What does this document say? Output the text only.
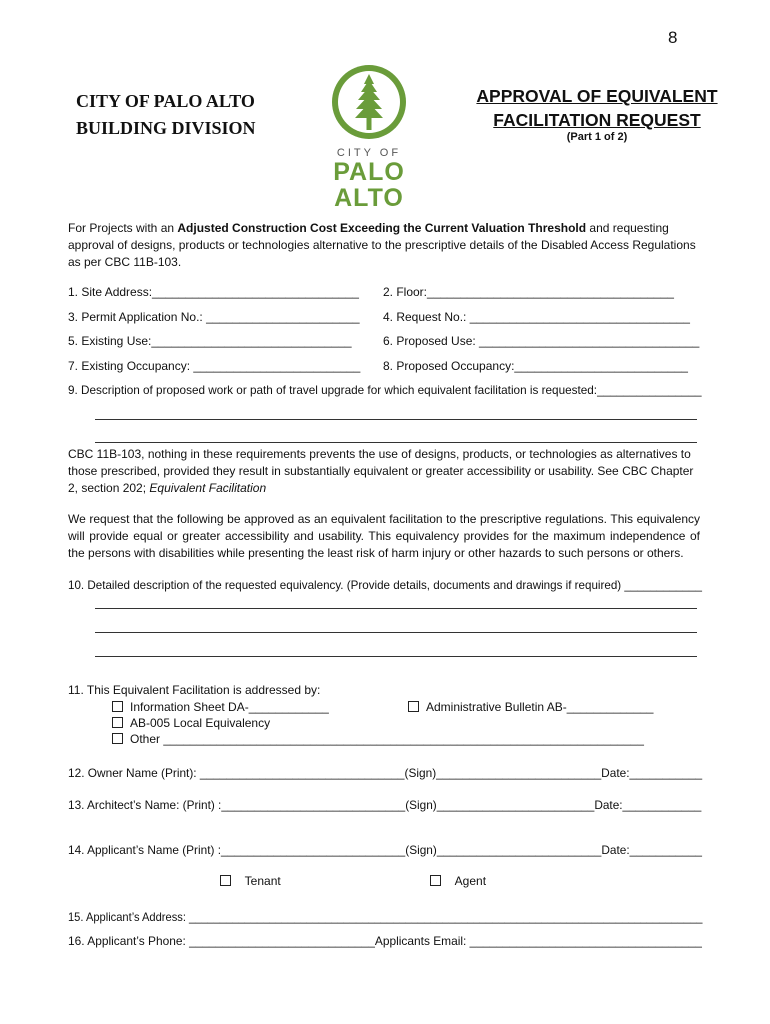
8
CITY OF PALO ALTO
BUILDING DIVISION
CITY OF
PALO
ALTO
APPROVAL OF EQUIVALENT
FACILITATION REQUEST
(Part 1 of 2)
For Projects with an Adjusted Construction Cost Exceeding the Current Valuation Threshold and requesting approval of designs, products or technologies alternative to the prescriptive details of the Disabled Access Regulations as per CBC 11B-103.
1. Site Address:_______________________________ 2. Floor:_____________________________________
3. Permit Application No.: _______________________ 4. Request No.: _________________________________
5. Existing Use:______________________________	6. Proposed Use: _________________________________
7. Existing Occupancy: _________________________ 8. Proposed Occupancy:__________________________
9. Description of proposed work or path of travel upgrade for which equivalent facilitation is requested:________________
CBC 11B-103, nothing in these requirements prevents the use of designs, products, or technologies as alternatives to those prescribed, provided they result in substantially equivalent or greater accessibility or usability. See CBC Chapter 2, section 202; Equivalent Facilitation
We request that the following be approved as an equivalent facilitation to the prescriptive regulations. This equivalency will provide equal or greater accessibility and usability. This equivalency provides for the maximum independence of the persons with disabilities while presenting the least risk of harm injury or other hazards to such persons or others.
10. Detailed description of the requested equivalency. (Provide details, documents and drawings if required) ____________
11. This Equivalent Facilitation is addressed by:
Information Sheet DA-____________	Administrative Bulletin AB-_____________
AB-005 Local Equivalency
Other ________________________________________________________________________
12. Owner Name (Print): _______________________________(Sign)_________________________Date:___________
13. Architect’s Name: (Print) :____________________________(Sign)________________________Date:____________
14. Applicant’s Name (Print) :____________________________(Sign)_________________________Date:___________
Tenant	Agent
15. Applicant’s Address: ___________________________________________________________________________________
16. Applicant’s Phone: ____________________________Applicants Email: ___________________________________
